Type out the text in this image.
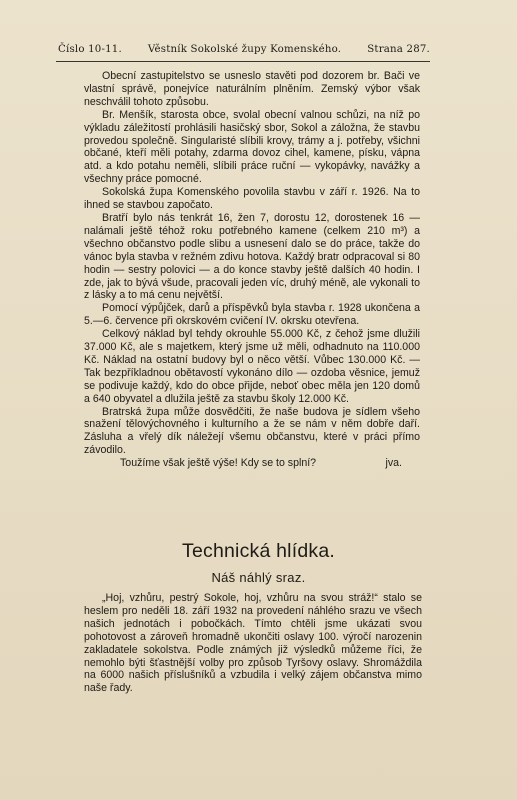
Číslo 10-11.	Věstník Sokolské župy Komenského.	Strana 287.

Obecní zastupitelstvo se usneslo stavěti pod dozorem br. Bači ve vlastní správě, ponejvíce naturálním plněním. Zemský výbor však neschválil tohoto způsobu.

Br. Menšík, starosta obce, svolal obecní valnou schůzi, na níž po výkladu záležitostí prohlásili hasičský sbor, Sokol a záložna, že stavbu provedou společně. Singularisté slíbili krovy, trámy a j. potřeby, všichni občané, kteří měli potahy, zdarma dovoz cihel, kamene, písku, vápna atd. a kdo potahu neměli, slíbili práce ruční — vykopávky, navážky a všechny práce pomocné.

Sokolská župa Komenského povolila stavbu v září r. 1926. Na to ihned se stavbou započato.

Bratří bylo nás tenkrát 16, žen 7, dorostu 12, dorostenek 16 — nalámali ještě téhož roku potřebného kamene (celkem 210 m³) a všechno občanstvo podle slibu a usnesení dalo se do práce, takže do vánoc byla stavba v režném zdivu hotova. Každý bratr odpracoval si 80 hodin — sestry polovici — a do konce stavby ještě dalších 40 hodin. I zde, jak to bývá všude, pracovali jeden víc, druhý méně, ale vykonali to z lásky a to má cenu největší.

Pomocí výpůjček, darů a příspěvků byla stavba r. 1928 ukončena a 5.—6. července při okrskovém cvičení IV. okrsku otevřena.

Celkový náklad byl tehdy okrouhle 55.000 Kč, z čehož jsme dlužili 37.000 Kč, ale s majetkem, který jsme už měli, odhadnuto na 110.000 Kč. Náklad na ostatní budovy byl o něco větší. Vůbec 130.000 Kč. — Tak bezpříkladnou obětavostí vykonáno dílo — ozdoba věsnice, jemuž se podivuje každý, kdo do obce přijde, neboť obec měla jen 120 domů a 640 obyvatel a dlužila ještě za stavbu školy 12.000 Kč.

Bratrská župa může dosvědčiti, že naše budova je sídlem všeho snažení tělovýchovného i kulturního a že se nám v něm dobře daří. Zásluha a vřelý dík náležejí všemu občanstvu, které v práci přímo závodilo.

Toužíme však ještě výše! Kdy se to splní?	jva.

Technická hlídka.
Náš náhlý sraz.

„Hoj, vzhůru, pestrý Sokole, hoj, vzhůru na svou stráž!“ stalo se heslem pro neděli 18. září 1932 na provedení náhlého srazu ve všech našich jednotách i pobočkách. Tímto chtěli jsme ukázati svou pohotovost a zároveň hromadně ukončiti oslavy 100. výročí narozenin zakladatele sokolstva. Podle známých již výsledků můžeme říci, že nemohlo býti šťastnější volby pro způsob Tyršovy oslavy. Shromáždila na 6000 našich příslušníků a vzbudila i velký zájem občanstva mimo naše řady.
